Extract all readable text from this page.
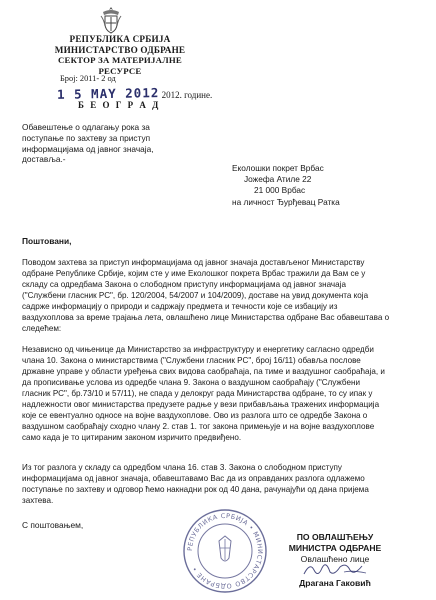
РЕПУБЛИКА СРБИЈА
МИНИСТАРСТВО ОДБРАНЕ
СЕКТОР ЗА МАТЕРИЈАЛНЕ РЕСУРСЕ
Број: 2011- 2 од
1 5 MAY 2012 2012. године.
Б Е О Г Р А Д
Обавештење о одлагању рока за
поступање по захтеву за приступ
информацијама од јавног значаја,
доставља.-
Еколошки покрет Врбас
Јожефа Атиле 22
21 000 Врбас
на личност Ђурђевац Ратка
Поштовани,
Поводом захтева за приступ информацијама од јавног значаја достављеног Министарству
одбране Републике Србије, којим сте у име Еколошког покрета Врбас тражили да Вам се у
складу са одредбама Закона о слободном приступу информацијама од јавног значаја
("Службени гласник РС", бр. 120/2004, 54/2007 и 104/2009), доставе на увид документа која
садрже информацију о природи и садржају предмета и течности које се избацију из
ваздухоплова за време трајања лета, овлашћено лице Министарства одбране Вас обавештава о
следећем:
Независно од чињенице да Министарство за инфраструктуру и енергетику сагласно одредби
члана 10. Закона о министарствима ("Службени гласник РС", број 16/11) обавља послове
државне управе у области уређења свих видова саобраћаја, па тиме и ваздушног саобраћаја, и
да прописивање услова из одредбе члана 9. Закона о ваздушном саобраћају ("Службени
гласник РС", бр.73/10 и 57/11), не спада у делокруг рада Министарства одбране, то су ипак у
надлежности овог министарства предузете радње у вези прибављања тражених информација
које се евентуално односе на војне ваздухоплове. Ово из разлога што се одредбе Закона о
ваздушном саобраћају сходно члану 2. став 1. тог закона примењује и на војне ваздухоплове
само када је то цитираним законом изричито предвиђено.
Из тог разлога у складу са одредбом члана 16. став 3. Закона о слободном приступу
информацијама од јавног значаја, обавештавамо Вас да из оправданих разлога одлажемо
поступање по захтеву и одговор ћемо накнадни рок од 40 дана, рачунајући од дана пријема
захтева.
С поштовањем,
РЕПУБЛИКА СРБИЈА • МИНИСТАРСТВО ОДБРАНЕ •
ПО ОВЛАШЋЕЊУ
МИНИСТРА ОДБРАНЕ
Овлашћено лице
Драгана Гаковић
